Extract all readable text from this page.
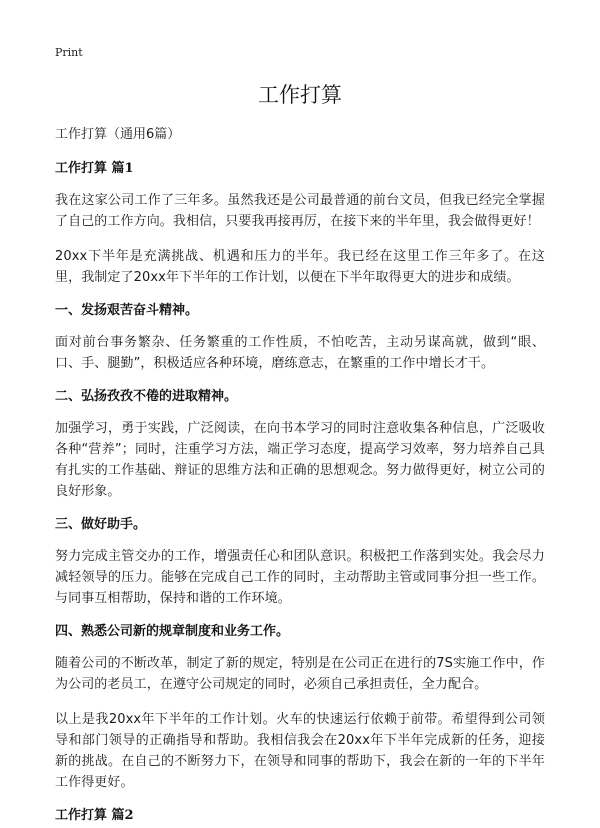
Print
工作打算
工作打算（通用6篇）
工作打算 篇1

我在这家公司工作了三年多。虽然我还是公司最普通的前台文员，但我已经完全掌握了自己的工作方向。我相信，只要我再接再厉，在接下来的半年里，我会做得更好！

20xx下半年是充满挑战、机遇和压力的半年。我已经在这里工作三年多了。在这里，我制定了20xx年下半年的工作计划，以便在下半年取得更大的进步和成绩。

一、发扬艰苦奋斗精神。

面对前台事务繁杂、任务繁重的工作性质，不怕吃苦，主动另谋高就，做到“眼、口、手、腿勤”，积极适应各种环境，磨练意志，在繁重的工作中增长才干。

二、弘扬孜孜不倦的进取精神。

加强学习，勇于实践，广泛阅读，在向书本学习的同时注意收集各种信息，广泛吸收各种“营养”；同时，注重学习方法，端正学习态度，提高学习效率，努力培养自己具有扎实的工作基础、辩证的思维方法和正确的思想观念。努力做得更好，树立公司的良好形象。

三、做好助手。

努力完成主管交办的工作，增强责任心和团队意识。积极把工作落到实处。我会尽力减轻领导的压力。能够在完成自己工作的同时，主动帮助主管或同事分担一些工作。与同事互相帮助，保持和谐的工作环境。

四、熟悉公司新的规章制度和业务工作。

随着公司的不断改革，制定了新的规定，特别是在公司正在进行的7S实施工作中，作为公司的老员工，在遵守公司规定的同时，必须自己承担责任，全力配合。

以上是我20xx年下半年的工作计划。火车的快速运行依赖于前带。希望得到公司领导和部门领导的正确指导和帮助。我相信我会在20xx年下半年完成新的任务，迎接新的挑战。在自己的不断努力下，在领导和同事的帮助下，我会在新的一年的下半年工作得更好。

工作打算 篇2
